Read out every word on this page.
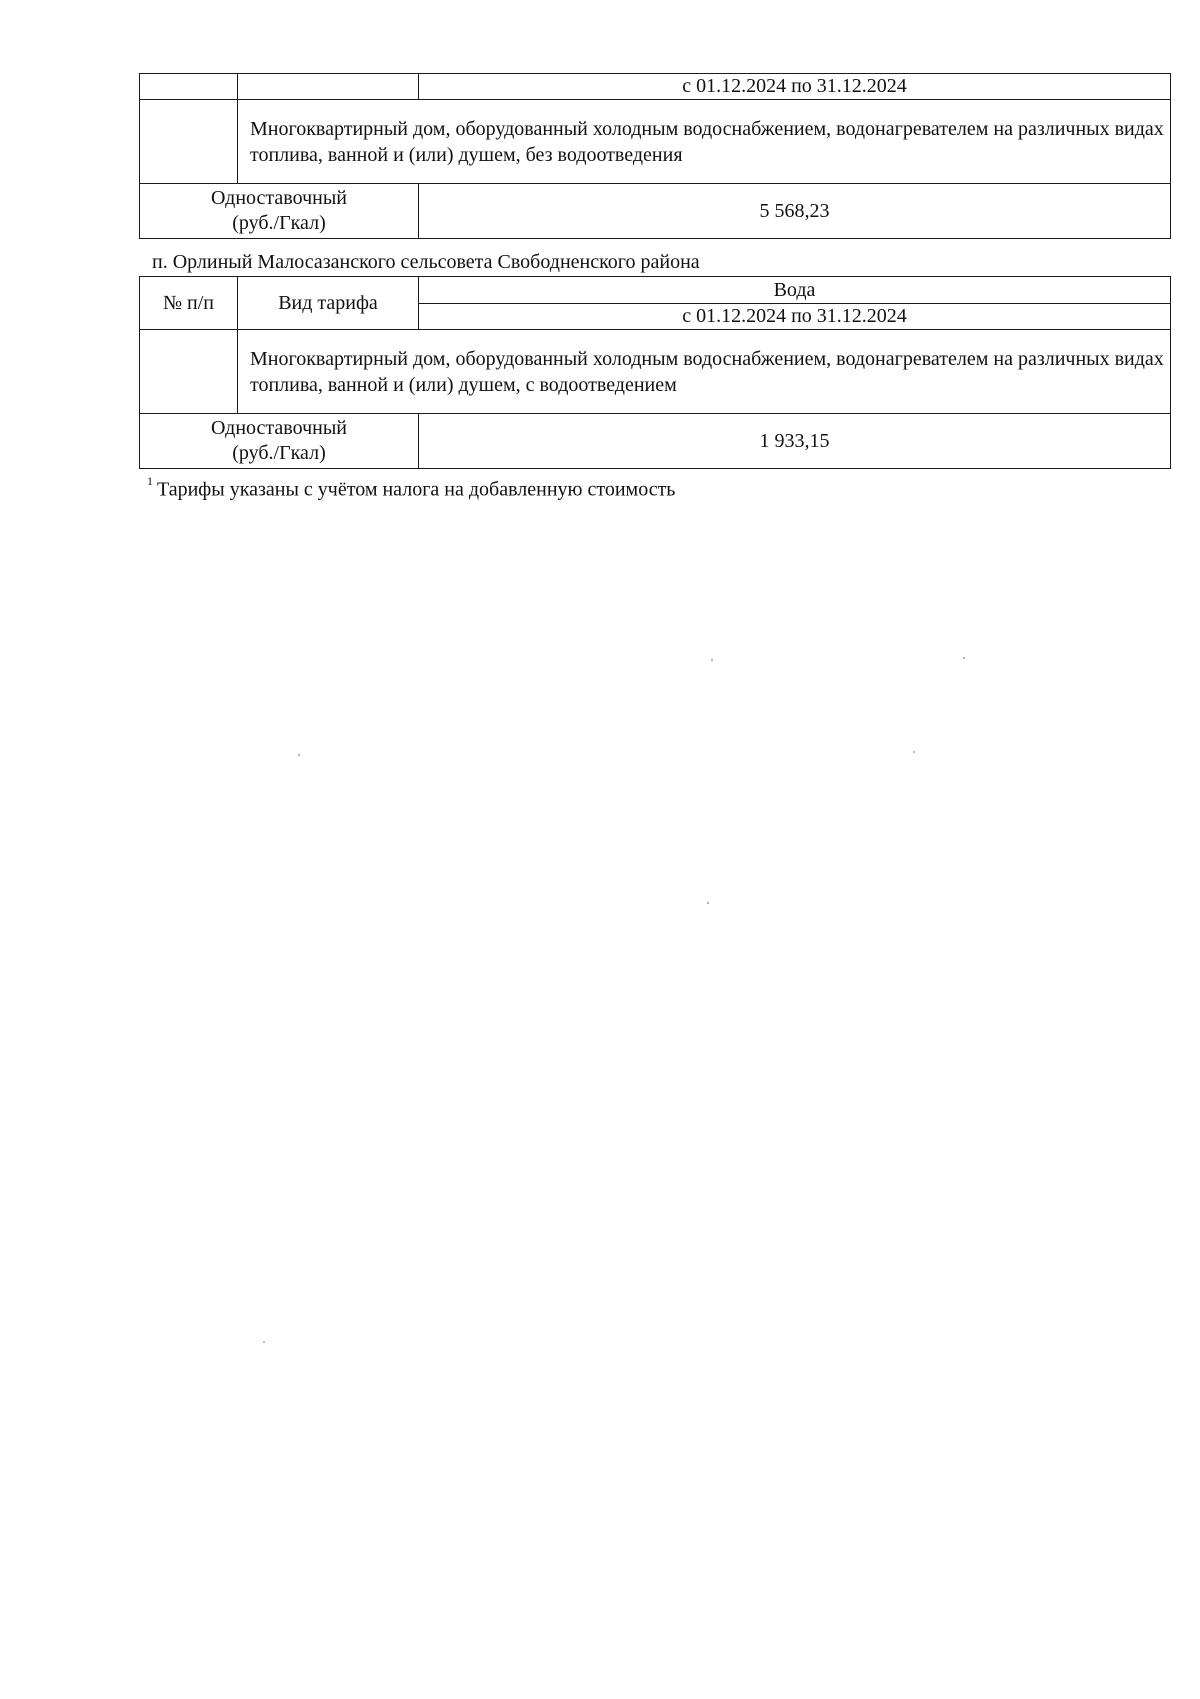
		с 01.12.2024 по 31.12.2024
	Многоквартирный дом, оборудованный холодным водоснабжением, водонагревателем на различных видах топлива, ванной и (или) душем, без водоотведения	

Одноставочный
(руб./Гкал)		5 568,23
п. Орлиный Малосазанского сельсовета Свободненского района
№ п/п	Вид тарифа	Вода
		с 01.12.2024 по 31.12.2024
	Многоквартирный дом, оборудованный холодным водоснабжением, водонагревателем на различных видах топлива, ванной и (или) душем, с водоотведением	

Одноставочный
(руб./Гкал)		1 933,15
$^1$ Тарифы указаны с учётом налога на добавленную стоимость
